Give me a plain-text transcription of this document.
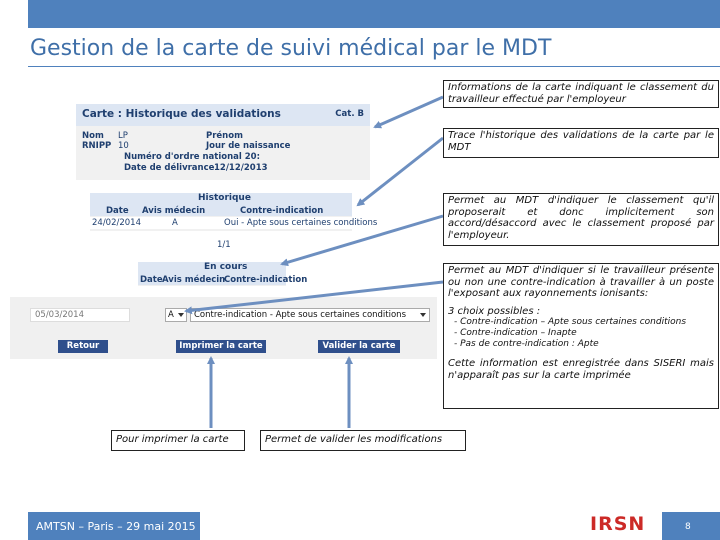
Gestion de la carte de suivi médical par le MDT
Carte : Historique des validations	Cat. B
Nom LP
RNIPP 10
Prénom
Jour de naissance
Numéro d'ordre national 20:
Date de délivrance 12/12/2013
Historique
Date Avis médecin	Contre-indication
24/02/2014	A	Oui - Apte sous certaines conditions
1/1
En cours
Date Avis médecin
Contre-indication
05/03/2014	A Contre-indication - Apte sous certaines conditions
Retour	Imprimer la carte	Valider la carte

Informations de la carte indiquant le classement du travailleur effectué par l'employeur

Trace l'historique des validations de la carte par le MDT

Permet au MDT d'indiquer le classement qu'il proposerait et donc implicitement son accord/désaccord avec le classement proposé par l'employeur.

Permet au MDT d'indiquer si le travailleur présente ou non une contre-indication à travailler à un poste l'exposant aux rayonnements ionisants:

3 choix possibles :

- Contre-indication – Apte sous certaines conditions
- Contre-indication – Inapte
- Pas de contre-indication : Apte

Cette information est enregistrée dans SISERI mais n'apparaît pas sur la carte imprimée

Pour imprimer la carte	Permet de valider les modifications

AMTSN – Paris – 29 mai 2015	IRSN	8
